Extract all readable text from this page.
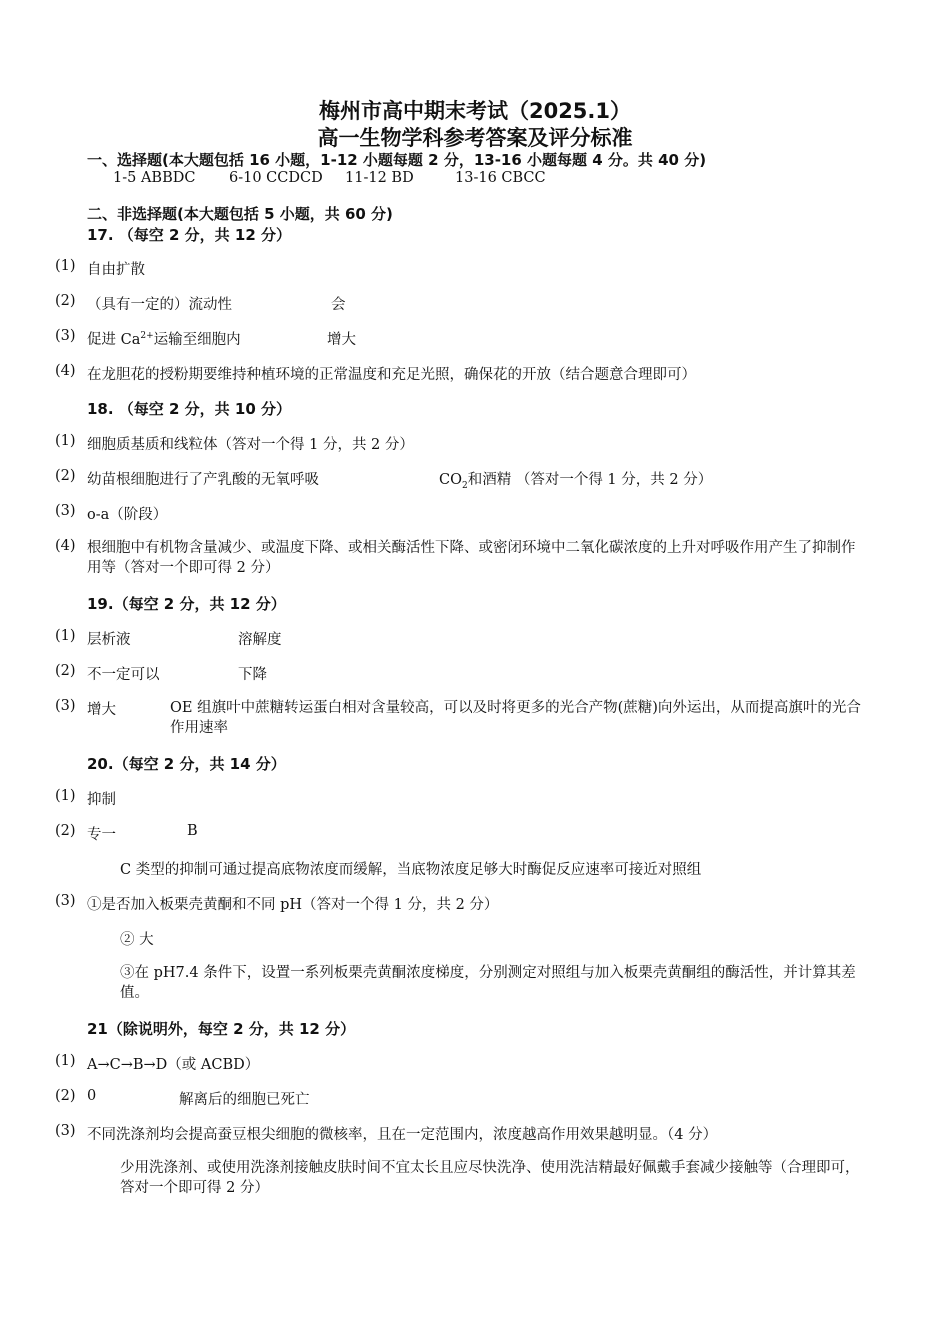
梅州市高中期末考试（2025.1）
高一生物学科参考答案及评分标准
一、选择题(本大题包括 16 小题，1-12 小题每题 2 分，13-16 小题每题 4 分。共 40 分)
1-5 ABBDC 6-10 CCDCD 11-12 BD	13-16 CBCC
二、非选择题(本大题包括 5 小题，共 60 分)
17. （每空 2 分，共 12 分）
(1) 自由扩散
(2) （具有一定的）流动性	会
(3) 促进 $Ca^{2+}$运输至细胞内	增大
(4) 在龙胆花的授粉期要维持种植环境的正常温度和充足光照，确保花的开放（结合题意合理即可）
18. （每空 2 分，共 10 分）
(1) 细胞质基质和线粒体（答对一个得 1 分，共 2 分）
(2) 幼苗根细胞进行了产乳酸的无氧呼吸	$CO_2$和酒精 （答对一个得 1 分，共 2 分）
(3) o-a（阶段）
(4) 根细胞中有机物含量减少、或温度下降、或相关酶活性下降、或密闭环境中二氧化碳浓度的上升对呼吸作用产生了抑制作用等（答对一个即可得 2 分）
19.（每空 2 分，共 12 分）
(1) 层析液	溶解度
(2) 不一定可以	下降
(3) 增大	OE 组旗叶中蔗糖转运蛋白相对含量较高，可以及时将更多的光合产物(蔗糖)向外运出，从而提高旗叶的光合作用速率
20.（每空 2 分，共 14 分）
(1) 抑制
(2) 专一	B
C 类型的抑制可通过提高底物浓度而缓解，当底物浓度足够大时酶促反应速率可接近对照组
(3) ①是否加入板栗壳黄酮和不同 pH（答对一个得 1 分，共 2 分）
② 大
③在 pH7.4 条件下，设置一系列板栗壳黄酮浓度梯度，分别测定对照组与加入板栗壳黄酮组的酶活性，并计算其差值。
21（除说明外，每空 2 分，共 12 分）
(1) A→C→B→D（或 ACBD）
(2) 0	解离后的细胞已死亡
(3) 不同洗涤剂均会提高蚕豆根尖细胞的微核率，且在一定范围内，浓度越高作用效果越明显。（4 分）
少用洗涤剂、或使用洗涤剂接触皮肤时间不宜太长且应尽快洗净、使用洗洁精最好佩戴手套减少接触等（合理即可，答对一个即可得 2 分）
